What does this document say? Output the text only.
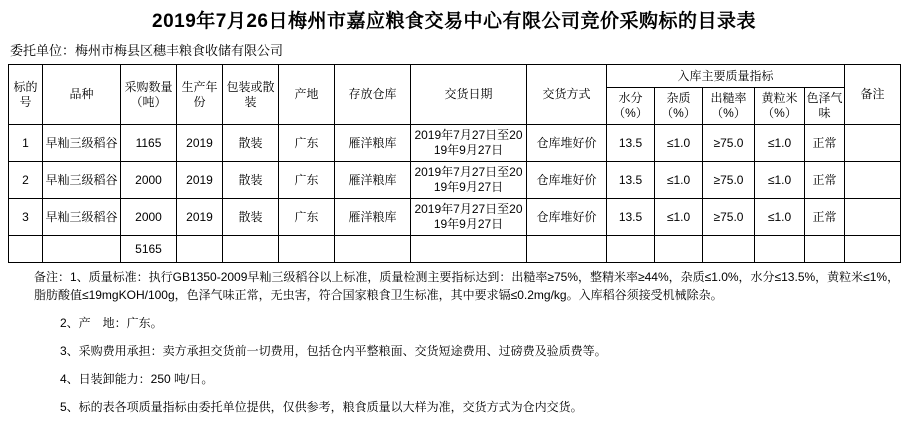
2019年7月26日梅州市嘉应粮食交易中心有限公司竞价采购标的目录表
委托单位：梅州市梅县区穗丰粮食收储有限公司
标的号	品种	采购数量（吨）	生产年份	包装或散装	产地	存放仓库	交货日期	交货方式	入库主要质量指标					备注
									水分（%）	杂质（%）	出糙率（%）	黄粒米（%）	色泽气味	
1	早籼三级稻谷	1165	2019	散装	广东	雁洋粮库	2019年7月27日至2019年9月27日	仓库堆好价	13.5	≤1.0	≥75.0	≤1.0	正常	
2	早籼三级稻谷	2000	2019	散装	广东	雁洋粮库	2019年7月27日至2019年9月27日	仓库堆好价	13.5	≤1.0	≥75.0	≤1.0	正常	
3	早籼三级稻谷	2000	2019	散装	广东	雁洋粮库	2019年7月27日至2019年9月27日	仓库堆好价	13.5	≤1.0	≥75.0	≤1.0	正常	
		5165												
备注：1、质量标准：执行GB1350-2009早籼三级稻谷以上标准，质量检测主要指标达到：出糙率≥75%，整精米率≥44%，杂质≤1.0%，水分≤13.5%，黄粒米≤1%，脂肪酸值≤19mgKOH/100g，色泽气味正常，无虫害，符合国家粮食卫生标准，其中要求镉≤0.2mg/kg。入库稻谷须接受机械除杂。
2、产　地：广东。
3、采购费用承担：卖方承担交货前一切费用，包括仓内平整粮面、交货短途费用、过磅费及验质费等。
4、日装卸能力：250 吨/日。
5、标的表各项质量指标由委托单位提供，仅供参考，粮食质量以大样为准，交货方式为仓内交货。
